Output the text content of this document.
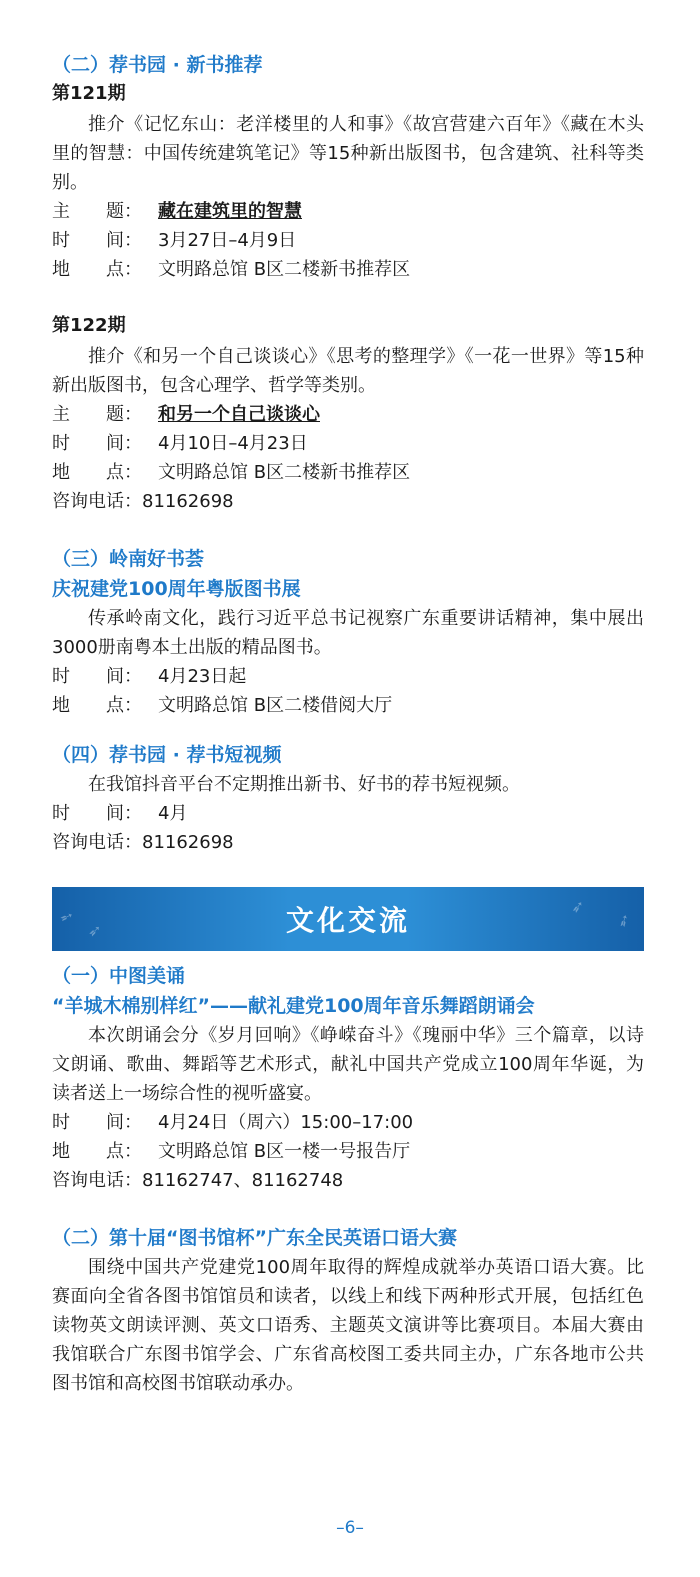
（二）荐书园 · 新书推荐
第121期

推介《记忆东山：老洋楼里的人和事》《故宫营建六百年》《藏在木头里的智慧：中国传统建筑笔记》等15种新出版图书，包含建筑、社科等类别。

主　　题： 藏在建筑里的智慧
时　　间： 3月27日–4月9日
地　　点： 文明路总馆 B区二楼新书推荐区
第122期

推介《和另一个自己谈谈心》《思考的整理学》《一花一世界》等15种新出版图书，包含心理学、哲学等类别。

主　　题： 和另一个自己谈谈心
时　　间： 4月10日–4月23日
地　　点： 文明路总馆 B区二楼新书推荐区
咨询电话：81162698
（三）岭南好书荟
庆祝建党100周年粤版图书展

传承岭南文化，践行习近平总书记视察广东重要讲话精神，集中展出3000册南粤本土出版的精品图书。

时　　间： 4月23日起
地　　点： 文明路总馆 B区二楼借阅大厅
（四）荐书园 · 荐书短视频

在我馆抖音平台不定期推出新书、好书的荐书短视频。

时　　间： 4月
咨询电话：81162698
➶
➶	➶
➶
文化交流
（一）中图美诵
“羊城木棉别样红”——献礼建党100周年音乐舞蹈朗诵会

本次朗诵会分《岁月回响》《峥嵘奋斗》《瑰丽中华》三个篇章，以诗文朗诵、歌曲、舞蹈等艺术形式，献礼中国共产党成立100周年华诞，为读者送上一场综合性的视听盛宴。

时　　间： 4月24日（周六）15:00–17:00
地　　点： 文明路总馆 B区一楼一号报告厅
咨询电话：81162747、81162748
（二）第十届“图书馆杯”广东全民英语口语大赛

围绕中国共产党建党100周年取得的辉煌成就举办英语口语大赛。比赛面向全省各图书馆馆员和读者，以线上和线下两种形式开展，包括红色读物英文朗读评测、英文口语秀、主题英文演讲等比赛项目。本届大赛由我馆联合广东图书馆学会、广东省高校图工委共同主办，广东各地市公共图书馆和高校图书馆联动承办。

–6–
